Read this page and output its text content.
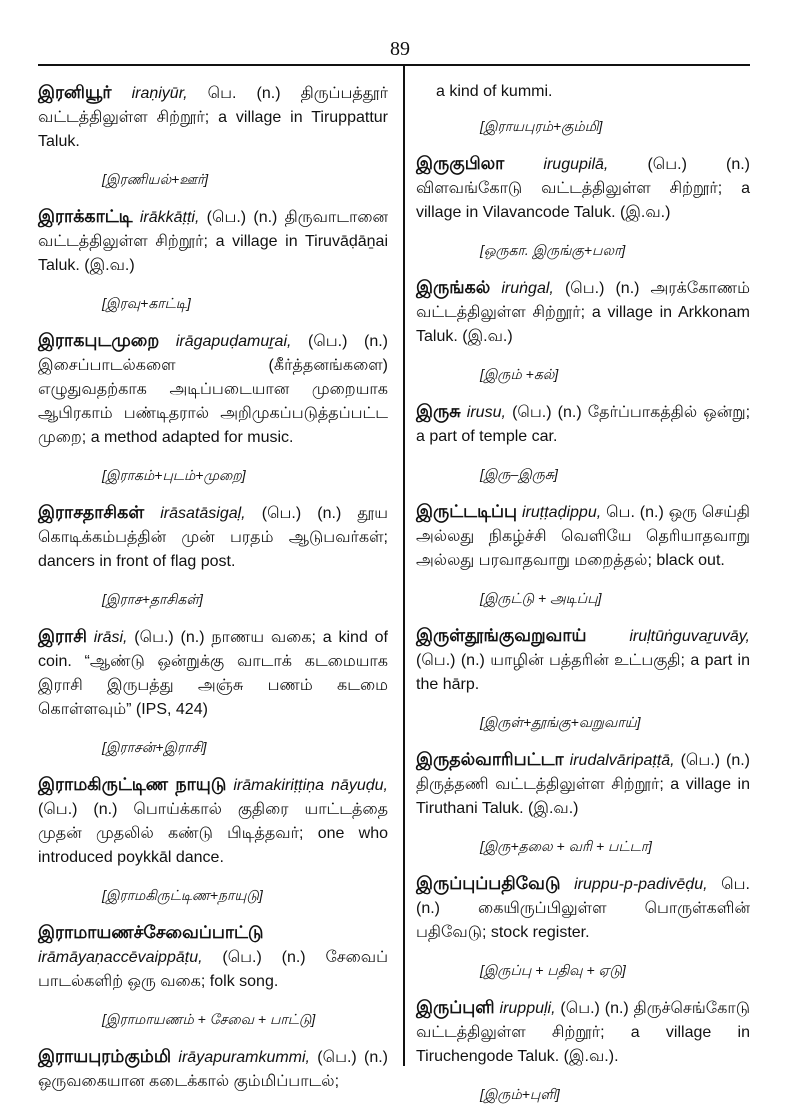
89
இரனியூர் iraṇiyūr, பெ. (n.) திருப்பத்தூர் வட்டத்திலுள்ள சிற்றூர்; a village in Tiruppattur Taluk.
[இரணியல்+ஊர்]
இராக்காட்டி irākkāṭṭi, (பெ.) (n.) திருவாடானை வட்டத்திலுள்ள சிற்றூர்; a village in Tiruvāḍāṉai Taluk. (இ.வ.)
[இரவு+காட்டி]
இராகபுடமுறை irāgapuḍamuṟai, (பெ.) (n.) இசைப்பாடல்களை (கீர்த்தனங்களை) எழுதுவதற்காக அடிப்படையான முறையாக ஆபிரகாம் பண்டிதரால் அறிமுகப்படுத்தப்பட்ட முறை; a method adapted for music.
[இராகம்+புடம்+முறை]
இராசதாசிகள் irāsatāsigaḷ, (பெ.) (n.) தூய கொடிக்கம்பத்தின் முன் பரதம் ஆடுபவர்கள்; dancers in front of flag post.
[இராச+தாசிகள்]
இராசி irāsi, (பெ.) (n.) நாணய வகை; a kind of coin. “ஆண்டு ஒன்றுக்கு வாடாக் கடமையாக இராசி இருபத்து அஞ்சு பணம் கடமை கொள்ளவும்” (IPS, 424)
[இராசன்+இராசி]
இராமகிருட்டிண நாயுடு irāmakiriṭṭiṇa nāyuḍu, (பெ.) (n.) பொய்க்கால் குதிரை யாட்டத்தை முதன் முதலில் கண்டு பிடித்தவர்; one who introduced poykkāl dance.
[இராமகிருட்டிண+நாயுடு]
இராமாயணச்சேவைப்பாட்டு irāmāyaṇaccēvaippāṭu, (பெ.) (n.) சேவைப் பாடல்களிற் ஒரு வகை; folk song.
[இராமாயணம் + சேவை + பாட்டு]
இராயபுரம்கும்மி irāyapuramkummi, (பெ.) (n.) ஒருவகையான கடைக்கால் கும்மிப்பாடல்;
a kind of kummi.
[இராயபுரம்+கும்மி]
இருகுபிலா irugupilā, (பெ.) (n.) விளவங்கோடு வட்டத்திலுள்ள சிற்றூர்; a village in Vilavancode Taluk. (இ.வ.)
[ஒருகா. இருங்கு+பலா]
இருங்கல் iruṅgal, (பெ.) (n.) அரக்கோணம் வட்டத்திலுள்ள சிற்றூர்; a village in Arkkonam Taluk. (இ.வ.)
[இரும் +கல்]
இருசு irusu, (பெ.) (n.) தேர்ப்பாகத்தில் ஒன்று; a part of temple car.
[இரு–இருசு]
இருட்டடிப்பு iruṭṭaḍippu, பெ. (n.) ஒரு செய்தி அல்லது நிகழ்ச்சி வெளியே தெரியாதவாறு அல்லது பரவாதவாறு மறைத்தல்; black out.
[இருட்டு + அடிப்பு]
இருள்தூங்குவறுவாய்	iruḷtūṅguvaṟuvāy, (பெ.) (n.) யாழின் பத்தரின் உட்பகுதி; a part in the hārp.
[இருள்+தூங்கு+வறுவாய்]
இருதல்வாரிபட்டா irudalvāripaṭṭā, (பெ.) (n.) திருத்தணி வட்டத்திலுள்ள சிற்றூர்; a village in Tiruthani Taluk. (இ.வ.)
[இரு+தலை + வரி + பட்டா]
இருப்புப்பதிவேடு iruppu-p-padivēḍu, பெ. (n.) கையிருப்பிலுள்ள பொருள்களின் பதிவேடு; stock register.
[இருப்பு + பதிவு + ஏடு]
இருப்புளி iruppuḷi, (பெ.) (n.) திருச்செங்கோடு வட்டத்திலுள்ள சிற்றூர்; a village in Tiruchengode Taluk. (இ.வ.).
[இரும்+புளி]
